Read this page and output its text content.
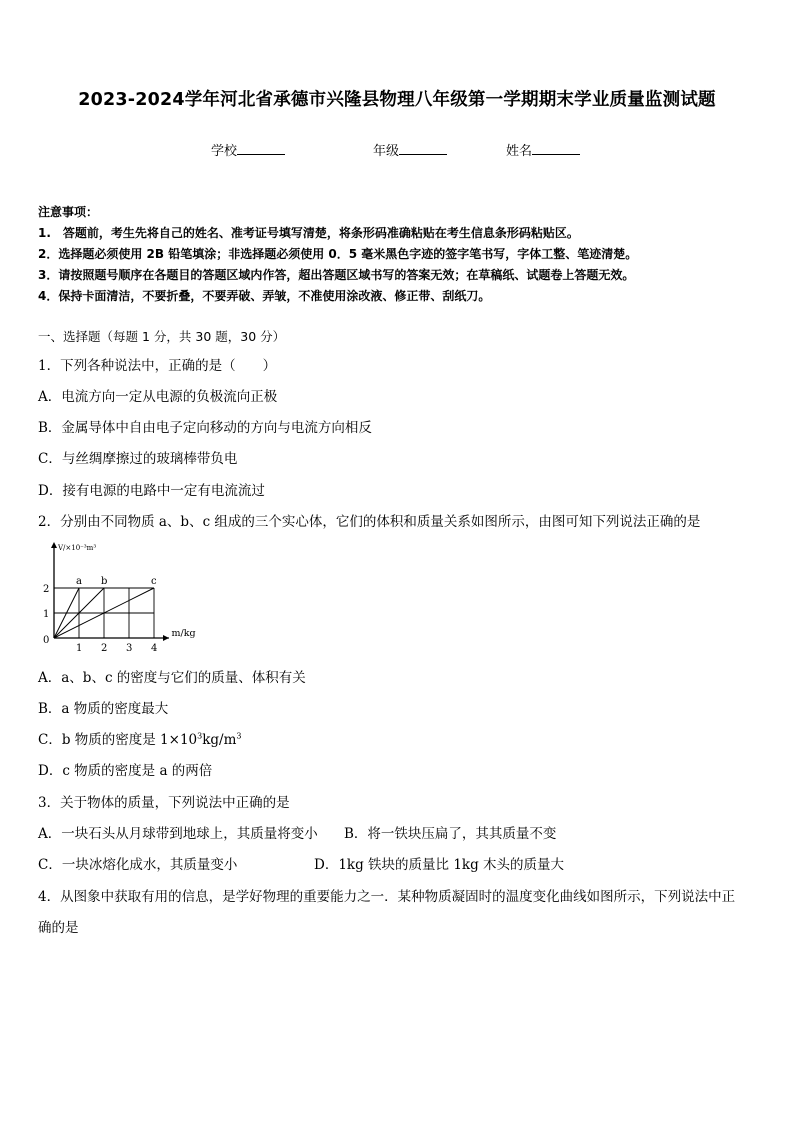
2023-2024学年河北省承德市兴隆县物理八年级第一学期期末学业质量监测试题
学校	年级	姓名
注意事项：
1.　答题前，考生先将自己的姓名、准考证号填写清楚，将条形码准确粘贴在考生信息条形码粘贴区。
2．选择题必须使用 2B 铅笔填涂；非选择题必须使用 0．5 毫米黑色字迹的签字笔书写，字体工整、笔迹清楚。
3．请按照题号顺序在各题目的答题区域内作答，超出答题区域书写的答案无效；在草稿纸、试题卷上答题无效。
4．保持卡面清洁，不要折叠，不要弄破、弄皱，不准使用涂改液、修正带、刮纸刀。
一、选择题（每题 1 分，共 30 题，30 分）
1．下列各种说法中，正确的是（　　）
A．电流方向一定从电源的负极流向正极
B．金属导体中自由电子定向移动的方向与电流方向相反
C．与丝绸摩擦过的玻璃棒带负电
D．接有电源的电路中一定有电流流过
2．分别由不同物质 a、b、c 组成的三个实心体，它们的体积和质量关系如图所示，由图可知下列说法正确的是
a b	c
1 2 3 4
1
2
0
m/kg
V/×10⁻³m³
A．a、b、c 的密度与它们的质量、体积有关
B．a 物质的密度最大
C．b 物质的密度是 $1\times 10^3kg/m^3$
D．c 物质的密度是 a 的两倍
3．关于物体的质量，下列说法中正确的是
A．一块石头从月球带到地球上，其质量将变小 B．将一铁块压扁了，其其质量不变
C．一块冰熔化成水，其质量变小	D．1kg 铁块的质量比 1kg 木头的质量大
4．从图象中获取有用的信息，是学好物理的重要能力之一．某种物质凝固时的温度变化曲线如图所示，下列说法中正
确的是
